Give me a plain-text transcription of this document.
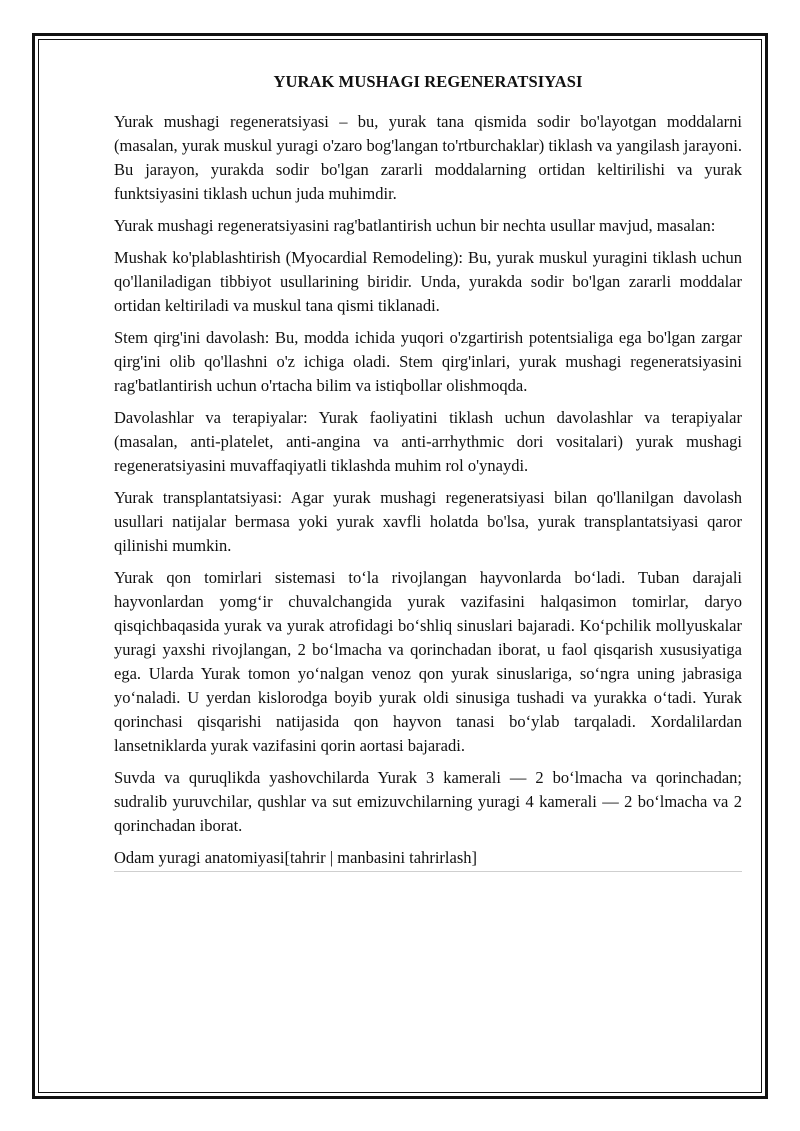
YURAK MUSHAGI REGENERATSIYASI

Yurak mushagi regeneratsiyasi – bu, yurak tana qismida sodir bo'layotgan moddalarni (masalan, yurak muskul yuragi o'zaro bog'langan to'rtburchaklar) tiklash va yangilash jarayoni. Bu jarayon, yurakda sodir bo'lgan zararli moddalarning ortidan keltirilishi va yurak funktsiyasini tiklash uchun juda muhimdir.

Yurak mushagi regeneratsiyasini rag'batlantirish uchun bir nechta usullar mavjud, masalan:

Mushak ko'plablashtirish (Myocardial Remodeling): Bu, yurak muskul yuragini tiklash uchun qo'llaniladigan tibbiyot usullarining biridir. Unda, yurakda sodir bo'lgan zararli moddalar ortidan keltiriladi va muskul tana qismi tiklanadi.

Stem qirg'ini davolash: Bu, modda ichida yuqori o'zgartirish potentsialiga ega bo'lgan zargar qirg'ini olib qo'llashni o'z ichiga oladi. Stem qirg'inlari, yurak mushagi regeneratsiyasini rag'batlantirish uchun o'rtacha bilim va istiqbollar olishmoqda.

Davolashlar va terapiyalar: Yurak faoliyatini tiklash uchun davolashlar va terapiyalar (masalan, anti-platelet, anti-angina va anti-arrhythmic dori vositalari) yurak mushagi regeneratsiyasini muvaffaqiyatli tiklashda muhim rol o'ynaydi.

Yurak transplantatsiyasi: Agar yurak mushagi regeneratsiyasi bilan qo'llanilgan davolash usullari natijalar bermasa yoki yurak xavfli holatda bo'lsa, yurak transplantatsiyasi qaror qilinishi mumkin.

Yurak qon tomirlari sistemasi to‘la rivojlangan hayvonlarda bo‘ladi. Tuban darajali hayvonlardan yomg‘ir chuvalchangida yurak vazifasini halqasimon tomirlar, daryo qisqichbaqasida yurak va yurak atrofidagi bo‘shliq sinuslari bajaradi. Ko‘pchilik mollyuskalar yuragi yaxshi rivojlangan, 2 bo‘lmacha va qorinchadan iborat, u faol qisqarish xususiyatiga ega. Ularda Yurak tomon yo‘nalgan venoz qon yurak sinuslariga, so‘ngra uning jabrasiga yo‘naladi. U yerdan kislorodga boyib yurak oldi sinusiga tushadi va yurakka o‘tadi. Yurak qorinchasi qisqarishi natijasida qon hayvon tanasi bo‘ylab tarqaladi. Xordalilardan lansetniklarda yurak vazifasini qorin aortasi bajaradi.

Suvda va quruqlikda yashovchilarda Yurak 3 kamerali — 2 bo‘lmacha va qorinchadan; sudralib yuruvchilar, qushlar va sut emizuvchilarning yuragi 4 kamerali — 2 bo‘lmacha va 2 qorinchadan iborat.

Odam yuragi anatomiyasi[tahrir | manbasini tahrirlash]
